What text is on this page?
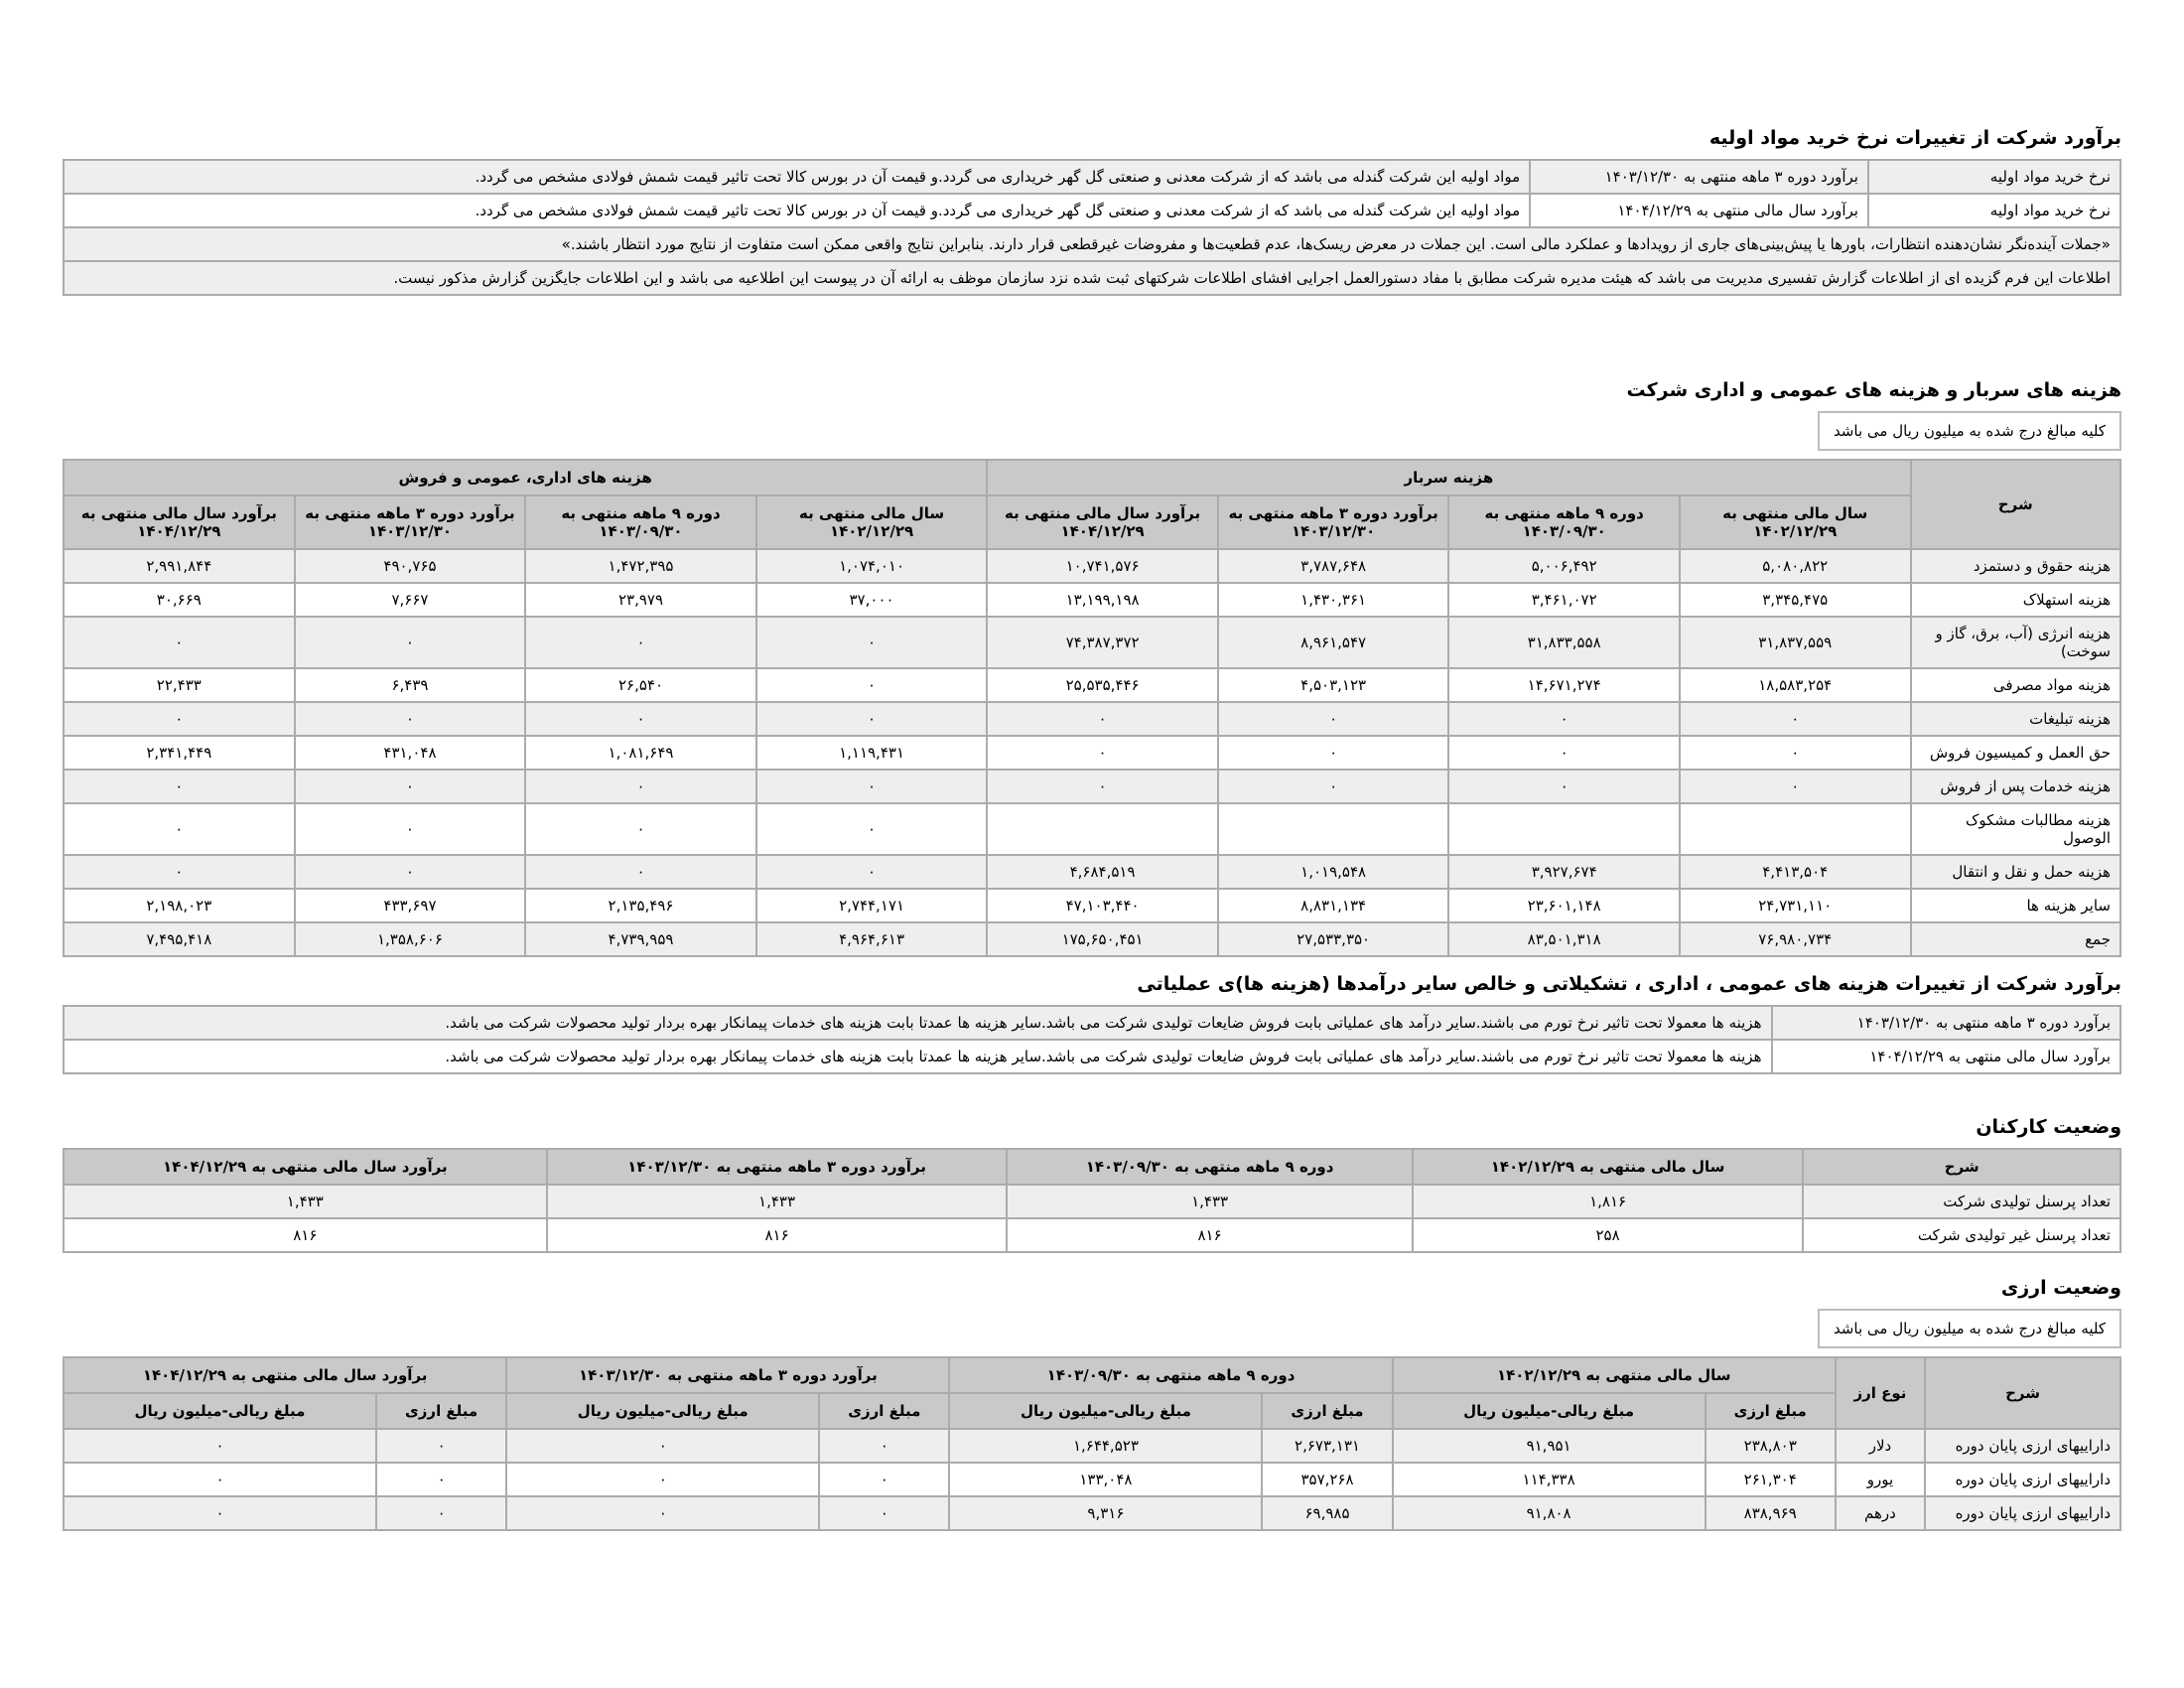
برآورد شرکت از تغییرات نرخ خرید مواد اولیه
نرخ خرید مواد اولیه	برآورد دوره ۳ ماهه منتهی به ۱۴۰۳/۱۲/۳۰	مواد اولیه این شرکت گندله می باشد که از شرکت معدنی و صنعتی گل گهر خریداری می گردد.و قیمت آن در بورس کالا تحت تاثیر قیمت شمش فولادی مشخص می گردد.
نرخ خرید مواد اولیه	برآورد سال مالی منتهی به ۱۴۰۴/۱۲/۲۹	مواد اولیه این شرکت گندله می باشد که از شرکت معدنی و صنعتی گل گهر خریداری می گردد.و قیمت آن در بورس کالا تحت تاثیر قیمت شمش فولادی مشخص می گردد.
«جملات آینده‌نگر نشان‌دهنده انتظارات، باورها یا پیش‌بینی‌های جاری از رویدادها و عملکرد مالی است. این جملات در معرض ریسک‌ها، عدم قطعیت‌ها و مفروضات غیرقطعی قرار دارند. بنابراین نتایج واقعی ممکن است متفاوت از نتایج مورد انتظار باشند.»		
اطلاعات این فرم گزیده ای از اطلاعات گزارش تفسیری مدیریت می باشد که هیئت مدیره شرکت مطابق با مفاد دستورالعمل اجرایی افشای اطلاعات شرکتهای ثبت شده نزد سازمان موظف به ارائه آن در پیوست این اطلاعیه می باشد و این اطلاعات جایگزین گزارش مذکور نیست.		
هزینه های سربار و هزینه های عمومی و اداری شرکت
کلیه مبالغ درج شده به میلیون ریال می باشد
شرح	هزینه سربار				هزینه های اداری، عمومی و فروش			
	سال مالی منتهی به ۱۴۰۲/۱۲/۲۹	دوره ۹ ماهه منتهی به ۱۴۰۳/۰۹/۳۰	برآورد دوره ۳ ماهه منتهی به ۱۴۰۳/۱۲/۳۰	برآورد سال مالی منتهی به ۱۴۰۴/۱۲/۲۹	سال مالی منتهی به ۱۴۰۲/۱۲/۲۹	دوره ۹ ماهه منتهی به ۱۴۰۳/۰۹/۳۰	برآورد دوره ۳ ماهه منتهی به ۱۴۰۳/۱۲/۳۰	برآورد سال مالی منتهی به ۱۴۰۴/۱۲/۲۹
هزینه حقوق و دستمزد	۵,۰۸۰,۸۲۲	۵,۰۰۶,۴۹۲	۳,۷۸۷,۶۴۸	۱۰,۷۴۱,۵۷۶	۱,۰۷۴,۰۱۰	۱,۴۷۲,۳۹۵	۴۹۰,۷۶۵	۲,۹۹۱,۸۴۴
هزینه استهلاک	۳,۳۴۵,۴۷۵	۳,۴۶۱,۰۷۲	۱,۴۳۰,۳۶۱	۱۳,۱۹۹,۱۹۸	۳۷,۰۰۰	۲۳,۹۷۹	۷,۶۶۷	۳۰,۶۶۹
هزینه انرژی (آب، برق، گاز و سوخت)	۳۱,۸۳۷,۵۵۹	۳۱,۸۳۳,۵۵۸	۸,۹۶۱,۵۴۷	۷۴,۳۸۷,۳۷۲	۰	۰	۰	۰
هزینه مواد مصرفی	۱۸,۵۸۳,۲۵۴	۱۴,۶۷۱,۲۷۴	۴,۵۰۳,۱۲۳	۲۵,۵۳۵,۴۴۶	۰	۲۶,۵۴۰	۶,۴۳۹	۲۲,۴۳۳
هزینه تبلیغات	۰	۰	۰	۰	۰	۰	۰	۰
حق العمل و کمیسیون فروش	۰	۰	۰	۰	۱,۱۱۹,۴۳۱	۱,۰۸۱,۶۴۹	۴۳۱,۰۴۸	۲,۳۴۱,۴۴۹
هزینه خدمات پس از فروش	۰	۰	۰	۰	۰	۰	۰	۰
هزینه مطالبات مشکوک الوصول					۰	۰	۰	۰
هزینه حمل و نقل و انتقال	۴,۴۱۳,۵۰۴	۳,۹۲۷,۶۷۴	۱,۰۱۹,۵۴۸	۴,۶۸۴,۵۱۹	۰	۰	۰	۰
سایر هزینه ها	۲۴,۷۳۱,۱۱۰	۲۳,۶۰۱,۱۴۸	۸,۸۳۱,۱۳۴	۴۷,۱۰۳,۴۴۰	۲,۷۴۴,۱۷۱	۲,۱۳۵,۴۹۶	۴۳۳,۶۹۷	۲,۱۹۸,۰۲۳
جمع	۷۶,۹۸۰,۷۳۴	۸۳,۵۰۱,۳۱۸	۲۷,۵۳۳,۳۵۰	۱۷۵,۶۵۰,۴۵۱	۴,۹۶۴,۶۱۳	۴,۷۳۹,۹۵۹	۱,۳۵۸,۶۰۶	۷,۴۹۵,۴۱۸
برآورد شرکت از تغییرات هزینه های عمومی ، اداری ، تشکیلاتی و خالص سایر درآمدها (هزینه ها)ی عملیاتی
برآورد دوره ۳ ماهه منتهی به ۱۴۰۳/۱۲/۳۰	هزینه ها معمولا تحت تاثیر نرخ تورم می باشند.سایر درآمد های عملیاتی بابت فروش ضایعات تولیدی شرکت می باشد.سایر هزینه ها عمدتا بابت هزینه های خدمات پیمانکار بهره بردار تولید محصولات شرکت می باشد.
برآورد سال مالی منتهی به ۱۴۰۴/۱۲/۲۹	هزینه ها معمولا تحت تاثیر نرخ تورم می باشند.سایر درآمد های عملیاتی بابت فروش ضایعات تولیدی شرکت می باشد.سایر هزینه ها عمدتا بابت هزینه های خدمات پیمانکار بهره بردار تولید محصولات شرکت می باشد.
وضعیت کارکنان
شرح	سال مالی منتهی به ۱۴۰۲/۱۲/۲۹	دوره ۹ ماهه منتهی به ۱۴۰۳/۰۹/۳۰	برآورد دوره ۳ ماهه منتهی به ۱۴۰۳/۱۲/۳۰	برآورد سال مالی منتهی به ۱۴۰۴/۱۲/۲۹
تعداد پرسنل تولیدی شرکت	۱,۸۱۶	۱,۴۳۳	۱,۴۳۳	۱,۴۳۳
تعداد پرسنل غیر تولیدی شرکت	۲۵۸	۸۱۶	۸۱۶	۸۱۶
وضعیت ارزی
کلیه مبالغ درج شده به میلیون ریال می باشد
شرح	نوع ارز	سال مالی منتهی به ۱۴۰۲/۱۲/۲۹		دوره ۹ ماهه منتهی به ۱۴۰۳/۰۹/۳۰		برآورد دوره ۳ ماهه منتهی به ۱۴۰۳/۱۲/۳۰		برآورد سال مالی منتهی به ۱۴۰۴/۱۲/۲۹	
		مبلغ ارزی	مبلغ ریالی-میلیون ریال	مبلغ ارزی	مبلغ ریالی-میلیون ریال	مبلغ ارزی	مبلغ ریالی-میلیون ریال	مبلغ ارزی	مبلغ ریالی-میلیون ریال
داراییهای ارزی پایان دوره	دلار	۲۳۸,۸۰۳	۹۱,۹۵۱	۲,۶۷۳,۱۳۱	۱,۶۴۴,۵۲۳	۰	۰	۰	۰
داراییهای ارزی پایان دوره	یورو	۲۶۱,۳۰۴	۱۱۴,۳۳۸	۳۵۷,۲۶۸	۱۳۳,۰۴۸	۰	۰	۰	۰
داراییهای ارزی پایان دوره	درهم	۸۳۸,۹۶۹	۹۱,۸۰۸	۶۹,۹۸۵	۹,۳۱۶	۰	۰	۰	۰
